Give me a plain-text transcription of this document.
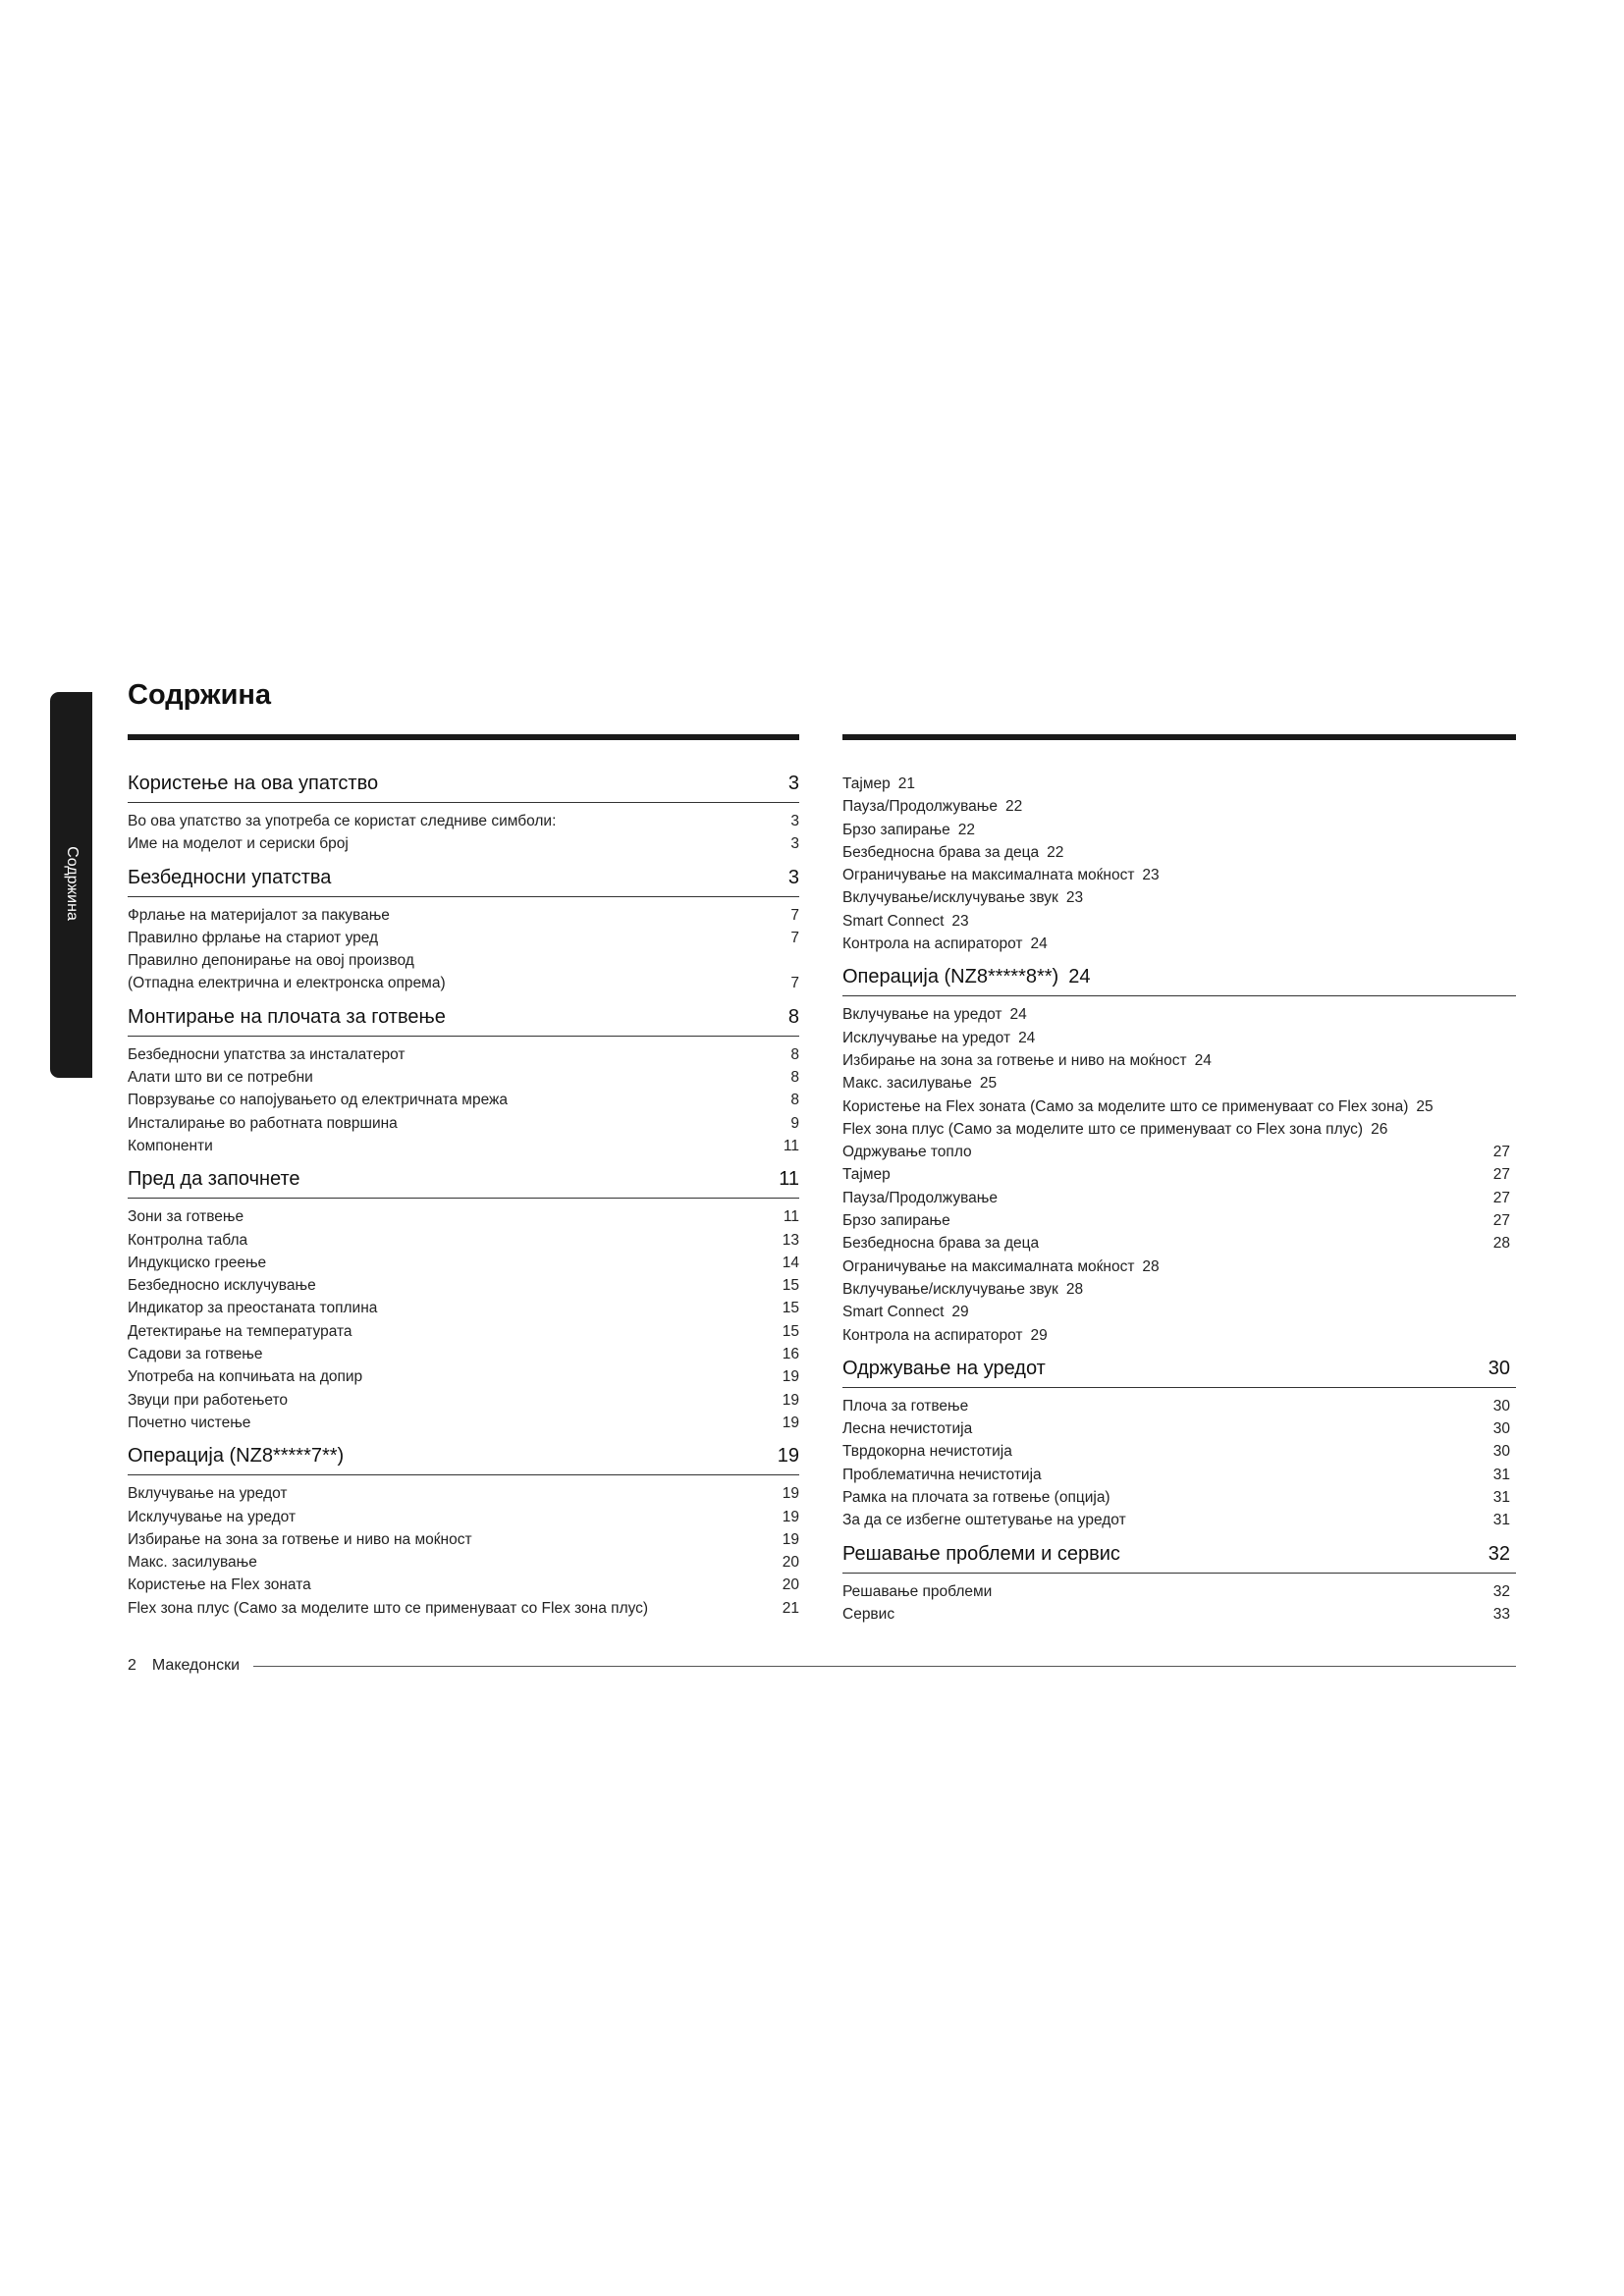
Содржина
Содржина
Користење на ова упатство	3
Во ова упатство за употреба се користат следниве симболи:	3
Име на моделот и сериски број	3
Безбедносни упатства	3
Фрлање на материјалот за пакување	7
Правилно фрлање на стариот уред	7
Правилно депонирање на овој производ
(Отпадна електрична и електронска опрема)	7
Монтирање на плочата за готвење	8
Безбедносни упатства за инсталатерот	8
Алати што ви се потребни	8
Поврзување со напојувањето од електричната мрежа	8
Инсталирање во работната површина	9
Компоненти	11
Пред да започнете	11
Зони за готвење	11
Контролна табла	13
Индукциско греење	14
Безбедносно исклучување	15
Индикатор за преостаната топлина	15
Детектирање на температурата	15
Садови за готвење	16
Употреба на копчињата на допир	19
Звуци при работењето	19
Почетно чистење	19
Операција (NZ8*****7**)	19
Вклучување на уредот	19
Исклучување на уредот	19
Избирање на зона за готвење и ниво на моќност	19
Макс. засилување	20
Користење на Flex зоната	20
Flex зона плус (Само за моделите што се применуваат со Flex зона плус)	21
Тајмер 21
Пауза/Продолжување 22
Брзо запирање 22
Безбедносна брава за деца 22
Ограничување на максималната моќност 23
Вклучување/исклучување звук 23
Smart Connect 23
Контрола на аспираторот 24
Операција (NZ8*****8**) 24
Вклучување на уредот 24
Исклучување на уредот 24
Избирање на зона за готвење и ниво на моќност 24
Макс. засилување 25
Користење на Flex зоната (Само за моделите што се применуваат со Flex зона) 25
Flex зона плус (Само за моделите што се применуваат со Flex зона плус) 26
Одржување топло	27
Тајмер	27
Пауза/Продолжување	27
Брзо запирање	27
Безбедносна брава за деца	28
Ограничување на максималната моќност 28
Вклучување/исклучување звук 28
Smart Connect 29
Контрола на аспираторот 29
Одржување на уредот	30
Плоча за готвење	30
Лесна нечистотија	30
Тврдокорна нечистотија	30
Проблематична нечистотија	31
Рамка на плочата за готвење (опција)	31
За да се избегне оштетување на уредот	31
Решавање проблеми и сервис	32
Решавање проблеми	32
Сервис	33
2 Македонски
